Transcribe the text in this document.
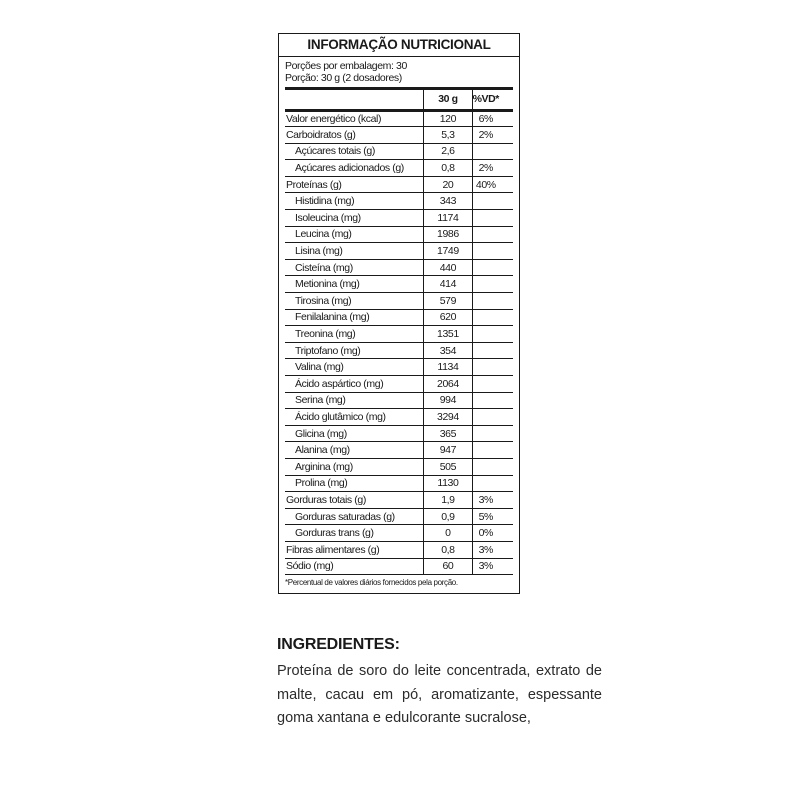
INFORMAÇÃO NUTRICIONAL
Porções por embalagem: 30
Porção: 30 g (2 dosadores)
	30 g	%VD*
Valor energético (kcal)	120	6%
Carboidratos (g)	5,3	2%
Açúcares totais (g)	2,6	
Açúcares adicionados (g)	0,8	2%
Proteínas (g)	20	40%
Histidina (mg)	343	
Isoleucina (mg)	1174	
Leucina (mg)	1986	
Lisina (mg)	1749	
Cisteína (mg)	440	
Metionina (mg)	414	
Tirosina (mg)	579	
Fenilalanina (mg)	620	
Treonina (mg)	1351	
Triptofano (mg)	354	
Valina (mg)	1134	
Ácido aspártico (mg)	2064	
Serina (mg)	994	
Ácido glutâmico (mg)	3294	
Glicina (mg)	365	
Alanina (mg)	947	
Arginina (mg)	505	
Prolina (mg)	1130	
Gorduras totais (g)	1,9	3%
Gorduras saturadas (g)	0,9	5%
Gorduras trans (g)	0	0%
Fibras alimentares (g)	0,8	3%
Sódio (mg)	60	3%
*Percentual de valores diários fornecidos pela porção.
INGREDIENTES:
Proteína de soro do leite concentrada, extrato de malte, cacau em pó, aromatizante, espessante goma xantana e edulcorante sucralose,
